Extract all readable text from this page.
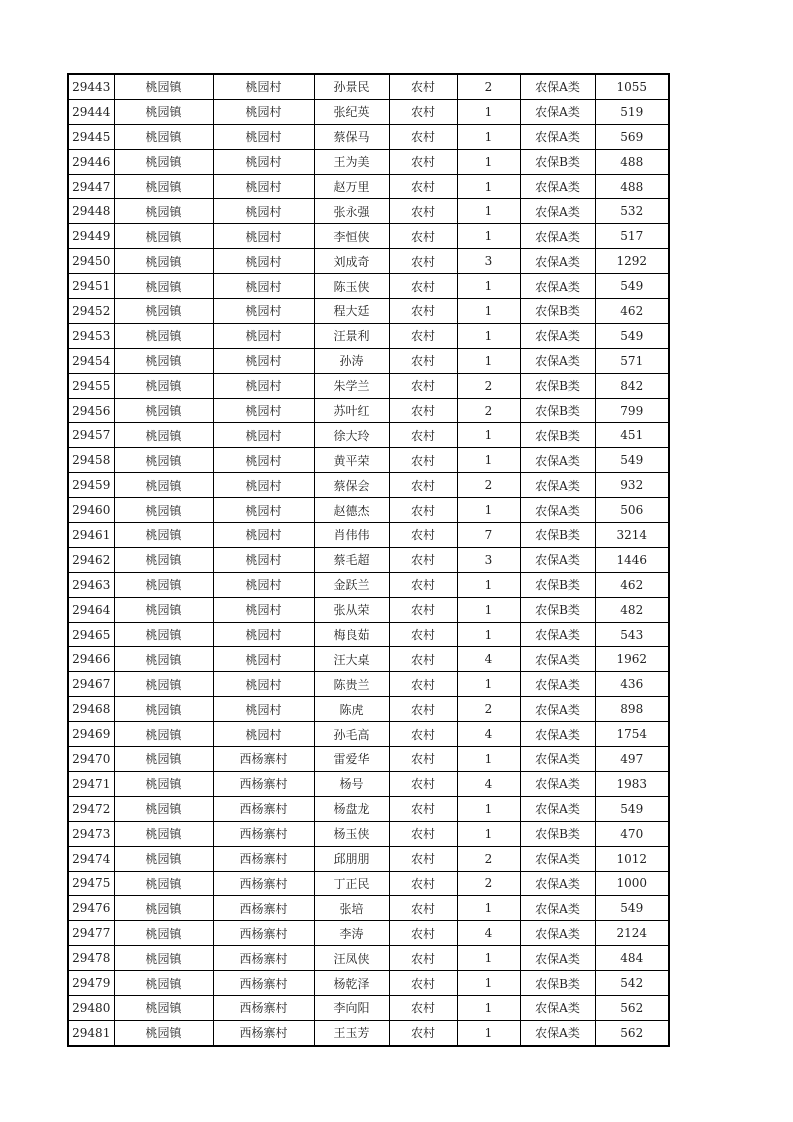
29443	桃园镇	桃园村	孙景民	农村	2	农保A类	1055
29444	桃园镇	桃园村	张纪英	农村	1	农保A类	519
29445	桃园镇	桃园村	蔡保马	农村	1	农保A类	569
29446	桃园镇	桃园村	王为美	农村	1	农保B类	488
29447	桃园镇	桃园村	赵万里	农村	1	农保A类	488
29448	桃园镇	桃园村	张永强	农村	1	农保A类	532
29449	桃园镇	桃园村	李恒侠	农村	1	农保A类	517
29450	桃园镇	桃园村	刘成奇	农村	3	农保A类	1292
29451	桃园镇	桃园村	陈玉侠	农村	1	农保A类	549
29452	桃园镇	桃园村	程大廷	农村	1	农保B类	462
29453	桃园镇	桃园村	汪景利	农村	1	农保A类	549
29454	桃园镇	桃园村	孙涛	农村	1	农保A类	571
29455	桃园镇	桃园村	朱学兰	农村	2	农保B类	842
29456	桃园镇	桃园村	苏叶红	农村	2	农保B类	799
29457	桃园镇	桃园村	徐大玲	农村	1	农保B类	451
29458	桃园镇	桃园村	黄平荣	农村	1	农保A类	549
29459	桃园镇	桃园村	蔡保会	农村	2	农保A类	932
29460	桃园镇	桃园村	赵德杰	农村	1	农保A类	506
29461	桃园镇	桃园村	肖伟伟	农村	7	农保B类	3214
29462	桃园镇	桃园村	蔡毛超	农村	3	农保A类	1446
29463	桃园镇	桃园村	金跃兰	农村	1	农保B类	462
29464	桃园镇	桃园村	张从荣	农村	1	农保B类	482
29465	桃园镇	桃园村	梅良茹	农村	1	农保A类	543
29466	桃园镇	桃园村	汪大桌	农村	4	农保A类	1962
29467	桃园镇	桃园村	陈贵兰	农村	1	农保A类	436
29468	桃园镇	桃园村	陈虎	农村	2	农保A类	898
29469	桃园镇	桃园村	孙毛高	农村	4	农保A类	1754
29470	桃园镇	西杨寨村	雷爱华	农村	1	农保A类	497
29471	桃园镇	西杨寨村	杨号	农村	4	农保A类	1983
29472	桃园镇	西杨寨村	杨盘龙	农村	1	农保A类	549
29473	桃园镇	西杨寨村	杨玉侠	农村	1	农保B类	470
29474	桃园镇	西杨寨村	邱朋朋	农村	2	农保A类	1012
29475	桃园镇	西杨寨村	丁正民	农村	2	农保A类	1000
29476	桃园镇	西杨寨村	张培	农村	1	农保A类	549
29477	桃园镇	西杨寨村	李涛	农村	4	农保A类	2124
29478	桃园镇	西杨寨村	汪凤侠	农村	1	农保A类	484
29479	桃园镇	西杨寨村	杨乾泽	农村	1	农保B类	542
29480	桃园镇	西杨寨村	李向阳	农村	1	农保A类	562
29481	桃园镇	西杨寨村	王玉芳	农村	1	农保A类	562
